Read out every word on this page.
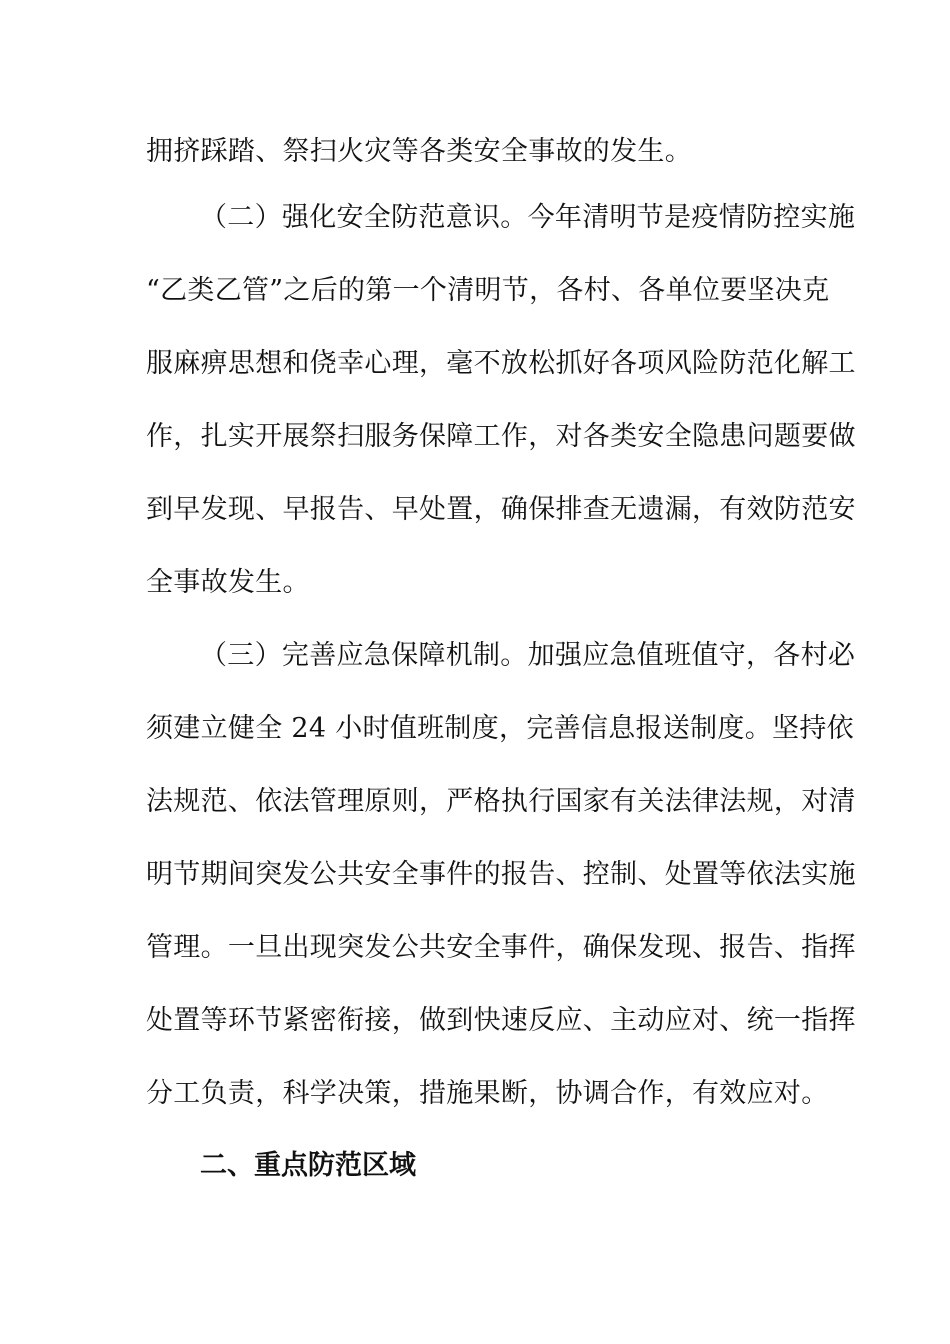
拥挤踩踏、祭扫火灾等各类安全事故的发生。
（二）强化安全防范意识。今年清明节是疫情防控实施
“乙类乙管”之后的第一个清明节，各村、各单位要坚决克
服麻痹思想和侥幸心理，毫不放松抓好各项风险防范化解工
作，扎实开展祭扫服务保障工作，对各类安全隐患问题要做
到早发现、早报告、早处置，确保排查无遗漏，有效防范安
全事故发生。
（三）完善应急保障机制。加强应急值班值守，各村必
须建立健全 24 小时值班制度，完善信息报送制度。坚持依
法规范、依法管理原则，严格执行国家有关法律法规，对清
明节期间突发公共安全事件的报告、控制、处置等依法实施
管理。一旦出现突发公共安全事件，确保发现、报告、指挥
处置等环节紧密衔接，做到快速反应、主动应对、统一指挥
分工负责，科学决策，措施果断，协调合作，有效应对。
二、重点防范区域
